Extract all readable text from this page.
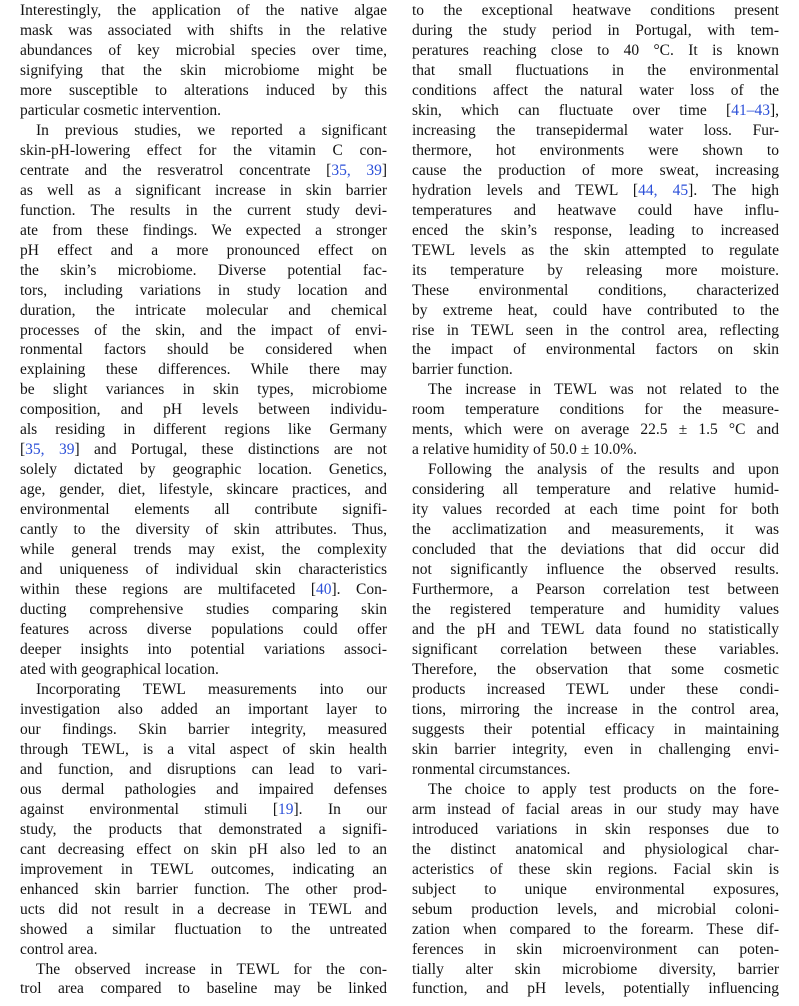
Interestingly, the application of the native algae
mask was associated with shifts in the relative
abundances of key microbial species over time,
signifying that the skin microbiome might be
more susceptible to alterations induced by this
particular cosmetic intervention.
In previous studies, we reported a significant
skin-pH-lowering effect for the vitamin C con-
centrate and the resveratrol concentrate [35, 39]
as well as a significant increase in skin barrier
function. The results in the current study devi-
ate from these findings. We expected a stronger
pH effect and a more pronounced effect on
the skin’s microbiome. Diverse potential fac-
tors, including variations in study location and
duration, the intricate molecular and chemical
processes of the skin, and the impact of envi-
ronmental factors should be considered when
explaining these differences. While there may
be slight variances in skin types, microbiome
composition, and pH levels between individu-
als residing in different regions like Germany
[35, 39] and Portugal, these distinctions are not
solely dictated by geographic location. Genetics,
age, gender, diet, lifestyle, skincare practices, and
environmental elements all contribute signifi-
cantly to the diversity of skin attributes. Thus,
while general trends may exist, the complexity
and uniqueness of individual skin characteristics
within these regions are multifaceted [40]. Con-
ducting comprehensive studies comparing skin
features across diverse populations could offer
deeper insights into potential variations associ-
ated with geographical location.
Incorporating TEWL measurements into our
investigation also added an important layer to
our findings. Skin barrier integrity, measured
through TEWL, is a vital aspect of skin health
and function, and disruptions can lead to vari-
ous dermal pathologies and impaired defenses
against environmental stimuli [19]. In our
study, the products that demonstrated a signifi-
cant decreasing effect on skin pH also led to an
improvement in TEWL outcomes, indicating an
enhanced skin barrier function. The other prod-
ucts did not result in a decrease in TEWL and
showed a similar fluctuation to the untreated
control area.
The observed increase in TEWL for the con-
trol area compared to baseline may be linked
to the exceptional heatwave conditions present
during the study period in Portugal, with tem-
peratures reaching close to 40 °C. It is known
that small fluctuations in the environmental
conditions affect the natural water loss of the
skin, which can fluctuate over time [41–43],
increasing the transepidermal water loss. Fur-
thermore, hot environments were shown to
cause the production of more sweat, increasing
hydration levels and TEWL [44, 45]. The high
temperatures and heatwave could have influ-
enced the skin’s response, leading to increased
TEWL levels as the skin attempted to regulate
its temperature by releasing more moisture.
These environmental conditions, characterized
by extreme heat, could have contributed to the
rise in TEWL seen in the control area, reflecting
the impact of environmental factors on skin
barrier function.
The increase in TEWL was not related to the
room temperature conditions for the measure-
ments, which were on average 22.5 ± 1.5 °C and
a relative humidity of 50.0 ± 10.0%.
Following the analysis of the results and upon
considering all temperature and relative humid-
ity values recorded at each time point for both
the acclimatization and measurements, it was
concluded that the deviations that did occur did
not significantly influence the observed results.
Furthermore, a Pearson correlation test between
the registered temperature and humidity values
and the pH and TEWL data found no statistically
significant correlation between these variables.
Therefore, the observation that some cosmetic
products increased TEWL under these condi-
tions, mirroring the increase in the control area,
suggests their potential efficacy in maintaining
skin barrier integrity, even in challenging envi-
ronmental circumstances.
The choice to apply test products on the fore-
arm instead of facial areas in our study may have
introduced variations in skin responses due to
the distinct anatomical and physiological char-
acteristics of these skin regions. Facial skin is
subject to unique environmental exposures,
sebum production levels, and microbial coloni-
zation when compared to the forearm. These dif-
ferences in skin microenvironment can poten-
tially alter skin microbiome diversity, barrier
function, and pH levels, potentially influencing
